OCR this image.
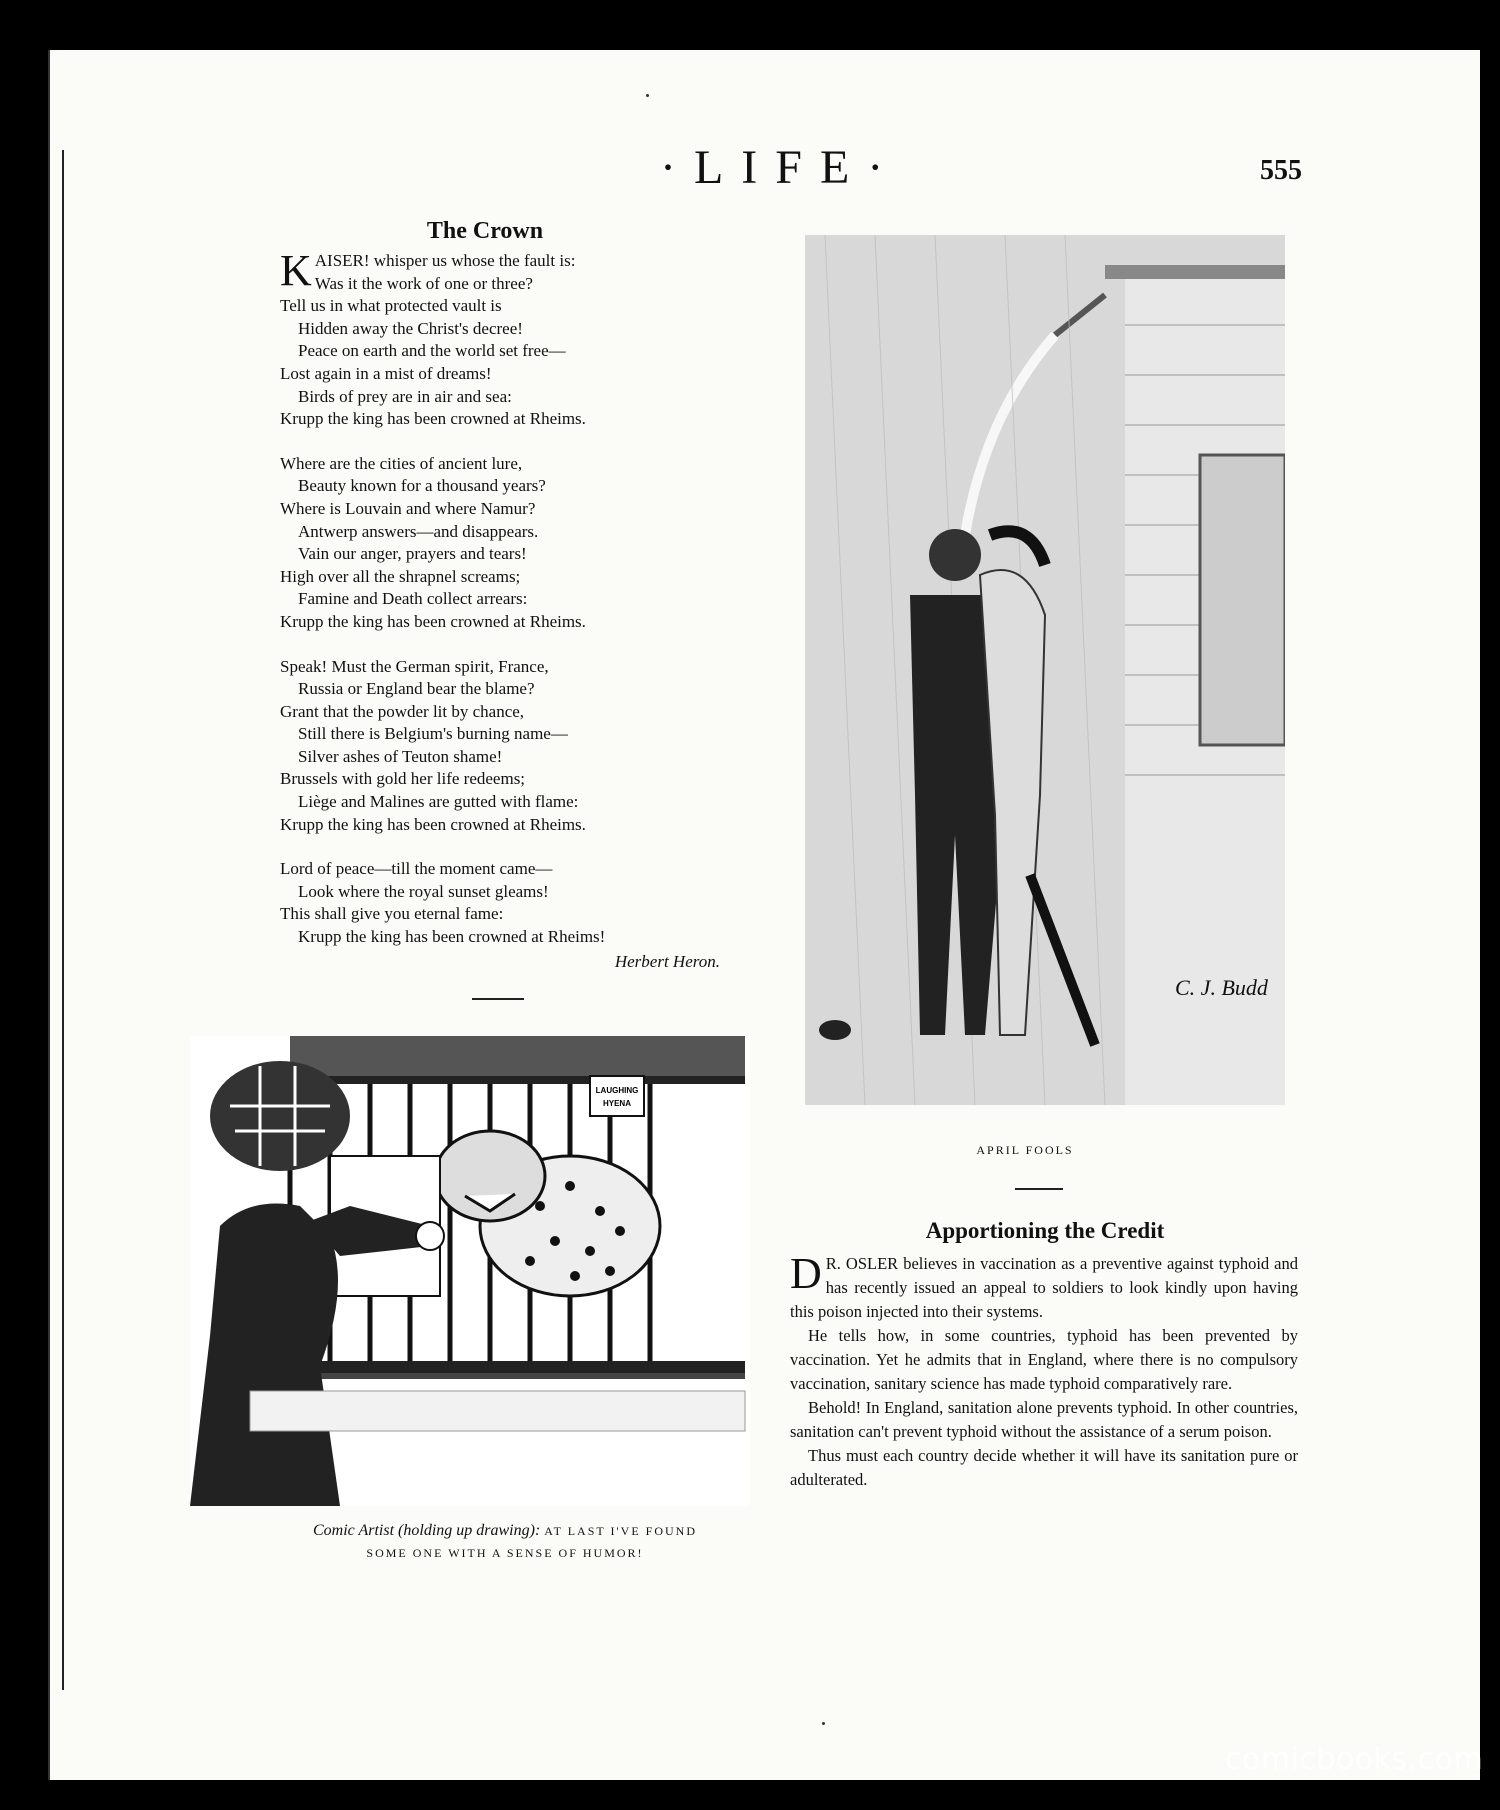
·LIFE·	555
The Crown
K AISER! whisper us whose the fault is:
Was it the work of one or three?
Tell us in what protected vault is
Hidden away the Christ's decree!
Peace on earth and the world set free—
Lost again in a mist of dreams!
Birds of prey are in air and sea:
Krupp the king has been crowned at Rheims.
Where are the cities of ancient lure,
Beauty known for a thousand years?
Where is Louvain and where Namur?
Antwerp answers—and disappears.
Vain our anger, prayers and tears!
High over all the shrapnel screams;
Famine and Death collect arrears:
Krupp the king has been crowned at Rheims.
Speak! Must the German spirit, France,
Russia or England bear the blame?
Grant that the powder lit by chance,
Still there is Belgium's burning name—
Silver ashes of Teuton shame!
Brussels with gold her life redeems;
Liège and Malines are gutted with flame:
Krupp the king has been crowned at Rheims.
Lord of peace—till the moment came—
Look where the royal sunset gleams!
This shall give you eternal fame:
Krupp the king has been crowned at Rheims!
Herbert Heron.
LAUGHING
HYENA
Comic Artist (holding up drawing): AT LAST I'VE FOUND
SOME ONE WITH A SENSE OF HUMOR!
C. J. Budd
APRIL FOOLS
Apportioning the Credit

D R. OSLER believes in vaccination as a preventive against typhoid and has recently issued an appeal to soldiers to look kindly upon having this poison injected into their systems.

He tells how, in some countries, typhoid has been prevented by vaccination. Yet he admits that in England, where there is no compulsory vaccination, sanitary science has made typhoid comparatively rare.

Behold! In England, sanitation alone prevents typhoid. In other countries, sanitation can't prevent typhoid without the assistance of a serum poison.

Thus must each country decide whether it will have its sanitation pure or adulterated.

comicbooks.com
